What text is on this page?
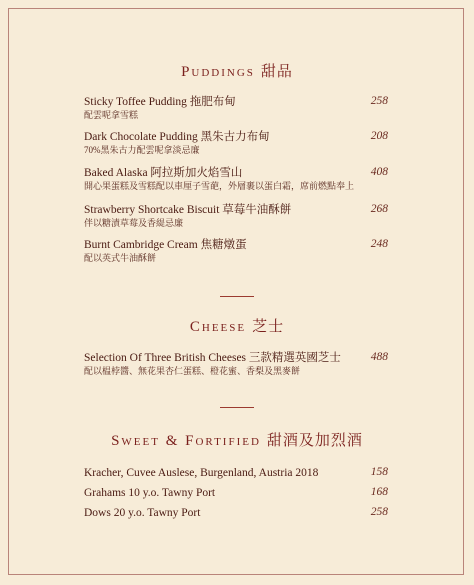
Puddings 甜品
Sticky Toffee Pudding 拖肥布甸
配雲呢拿雪糕
258
Dark Chocolate Pudding 黑朱古力布甸
70%黑朱古力配雲呢拿淡忌廉
208
Baked Alaska 阿拉斯加火焰雪山
開心果蛋糕及雪糕配以車厘子雪葩，外層裹以蛋白霜，席前燃點奉上
408
Strawberry Shortcake Biscuit 草莓牛油酥餅
伴以糖漬草莓及香緹忌廉
268
Burnt Cambridge Cream 焦糖燉蛋
配以英式牛油酥餅
248
Cheese 芝士
Selection Of Three British Cheeses 三款精選英國芝士
配以榅桲醬、無花果杏仁蛋糕、橙花蜜、香梨及黑麥餅
488
Sweet & Fortified 甜酒及加烈酒
Kracher, Cuvee Auslese, Burgenland, Austria 2018	158
Grahams 10 y.o. Tawny Port	168
Dows 20 y.o. Tawny Port	258
